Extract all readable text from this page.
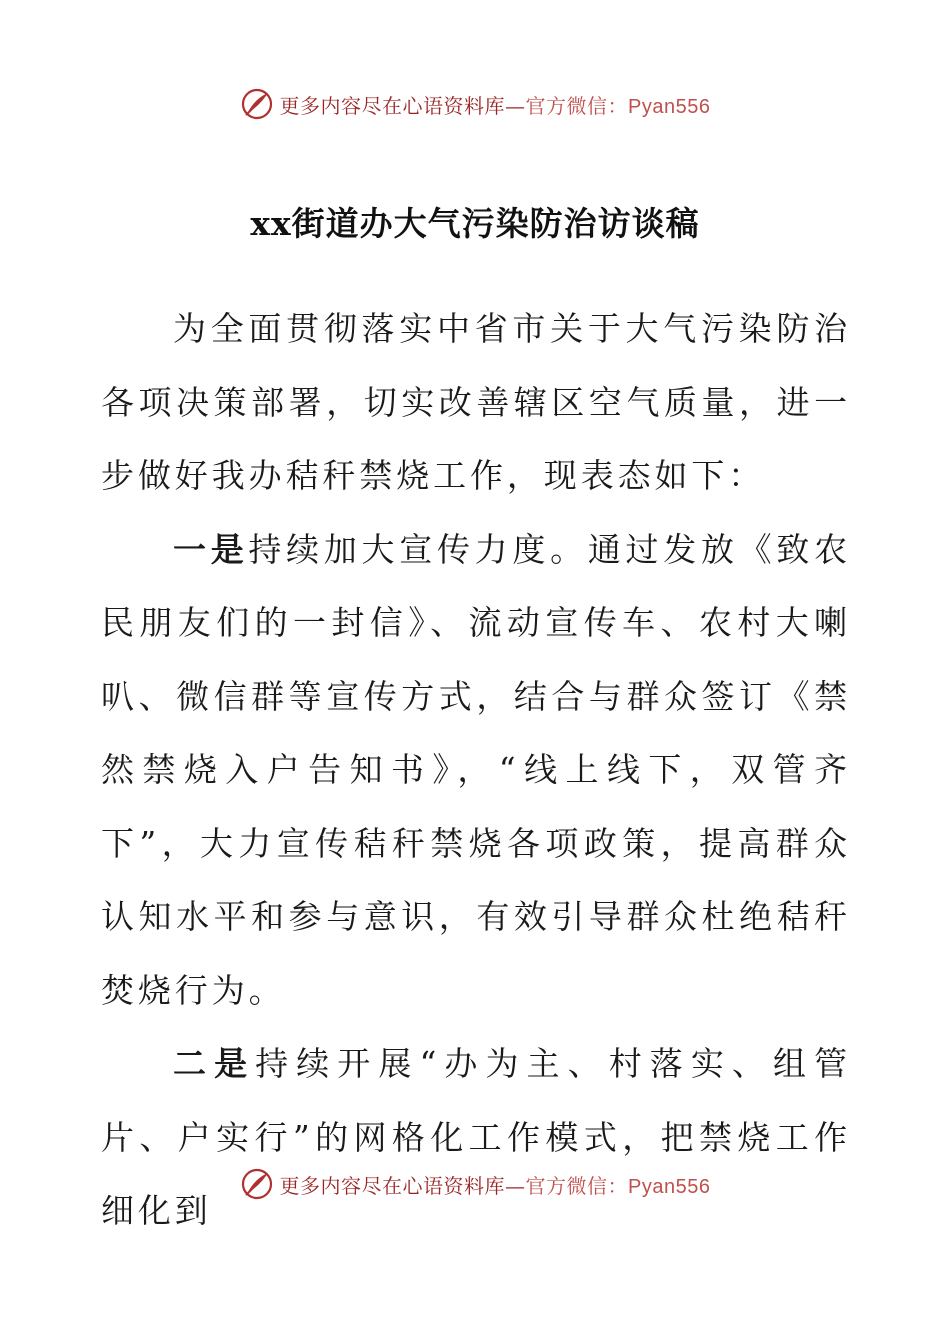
更多内容尽在心语资料库—官方微信：Pyan556
xx街道办大气污染防治访谈稿

为全面贯彻落实中省市关于大气污染防治各项决策部署，切实改善辖区空气质量，进一步做好我办秸秆禁烧工作，现表态如下：

一是持续加大宣传力度。通过发放《致农民朋友们的一封信》、流动宣传车、农村大喇叭、微信群等宣传方式，结合与群众签订《禁然禁烧入户告知书》，“线上线下，双管齐下”，大力宣传秸秆禁烧各项政策，提高群众认知水平和参与意识，有效引导群众杜绝秸秆焚烧行为。

二是持续开展“办为主、村落实、组管片、户实行”的网格化工作模式，把禁烧工作细化到

更多内容尽在心语资料库—官方微信：Pyan556
